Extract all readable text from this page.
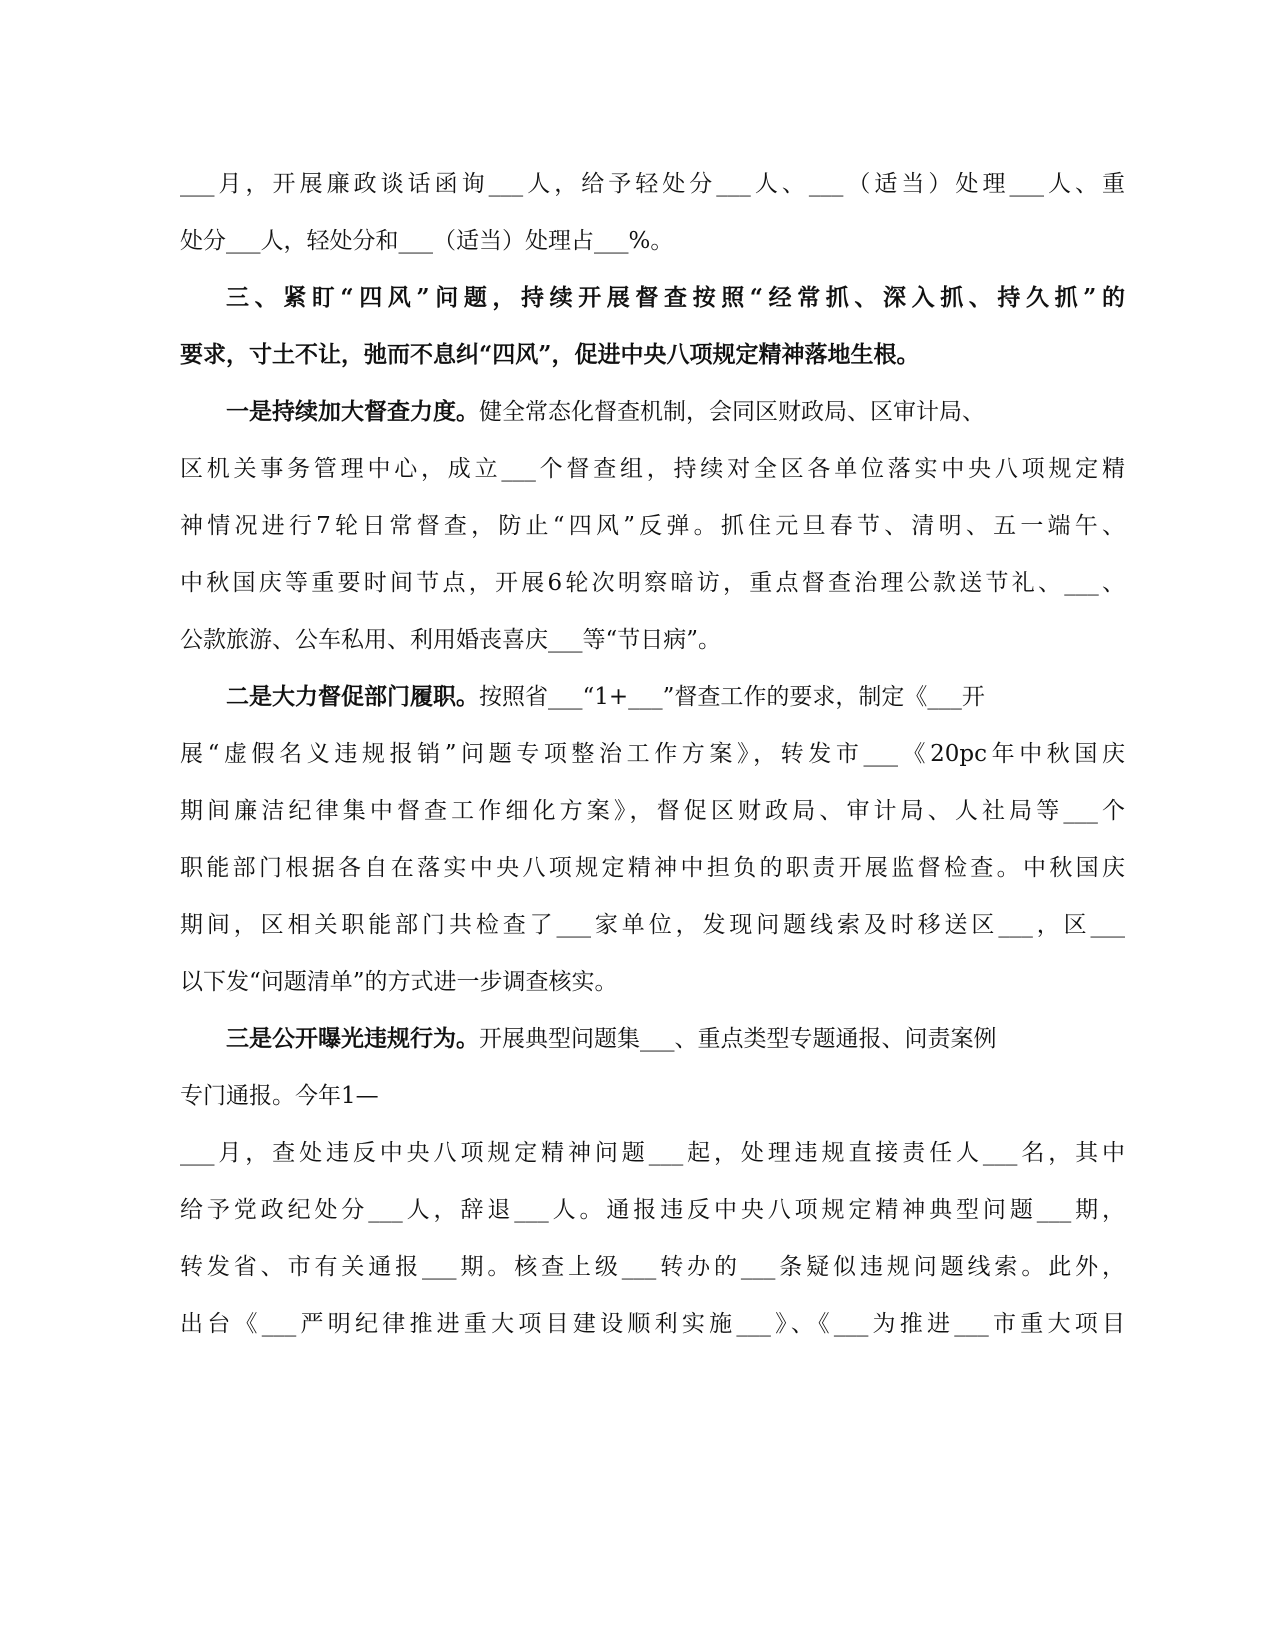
___月，开展廉政谈话函询___人，给予轻处分___人、___（适当）处理___人、重
处分___人，轻处分和___（适当）处理占___%。
三、紧盯“四风”问题，持续开展督查按照“经常抓、深入抓、持久抓”的
要求，寸土不让，弛而不息纠“四风”，促进中央八项规定精神落地生根。
一是持续加大督查力度。健全常态化督查机制，会同区财政局、区审计局、
区机关事务管理中心，成立___个督查组，持续对全区各单位落实中央八项规定精
神情况进行7轮日常督查，防止“四风”反弹。抓住元旦春节、清明、五一端午、
中秋国庆等重要时间节点，开展6轮次明察暗访，重点督查治理公款送节礼、___、
公款旅游、公车私用、利用婚丧喜庆___等“节日病”。
二是大力督促部门履职。按照省___“1+___”督查工作的要求，制定《___开
展“虚假名义违规报销”问题专项整治工作方案》，转发市___《20pc年中秋国庆
期间廉洁纪律集中督查工作细化方案》，督促区财政局、审计局、人社局等___个
职能部门根据各自在落实中央八项规定精神中担负的职责开展监督检查。中秋国庆
期间，区相关职能部门共检查了___家单位，发现问题线索及时移送区___，区___
以下发“问题清单”的方式进一步调查核实。
三是公开曝光违规行为。开展典型问题集___、重点类型专题通报、问责案例
专门通报。今年1—
___月，查处违反中央八项规定精神问题___起，处理违规直接责任人___名，其中
给予党政纪处分___人，辞退___人。通报违反中央八项规定精神典型问题___期，
转发省、市有关通报___期。核查上级___转办的___条疑似违规问题线索。此外，
出台《___严明纪律推进重大项目建设顺利实施___》、《___为推进___市重大项目
